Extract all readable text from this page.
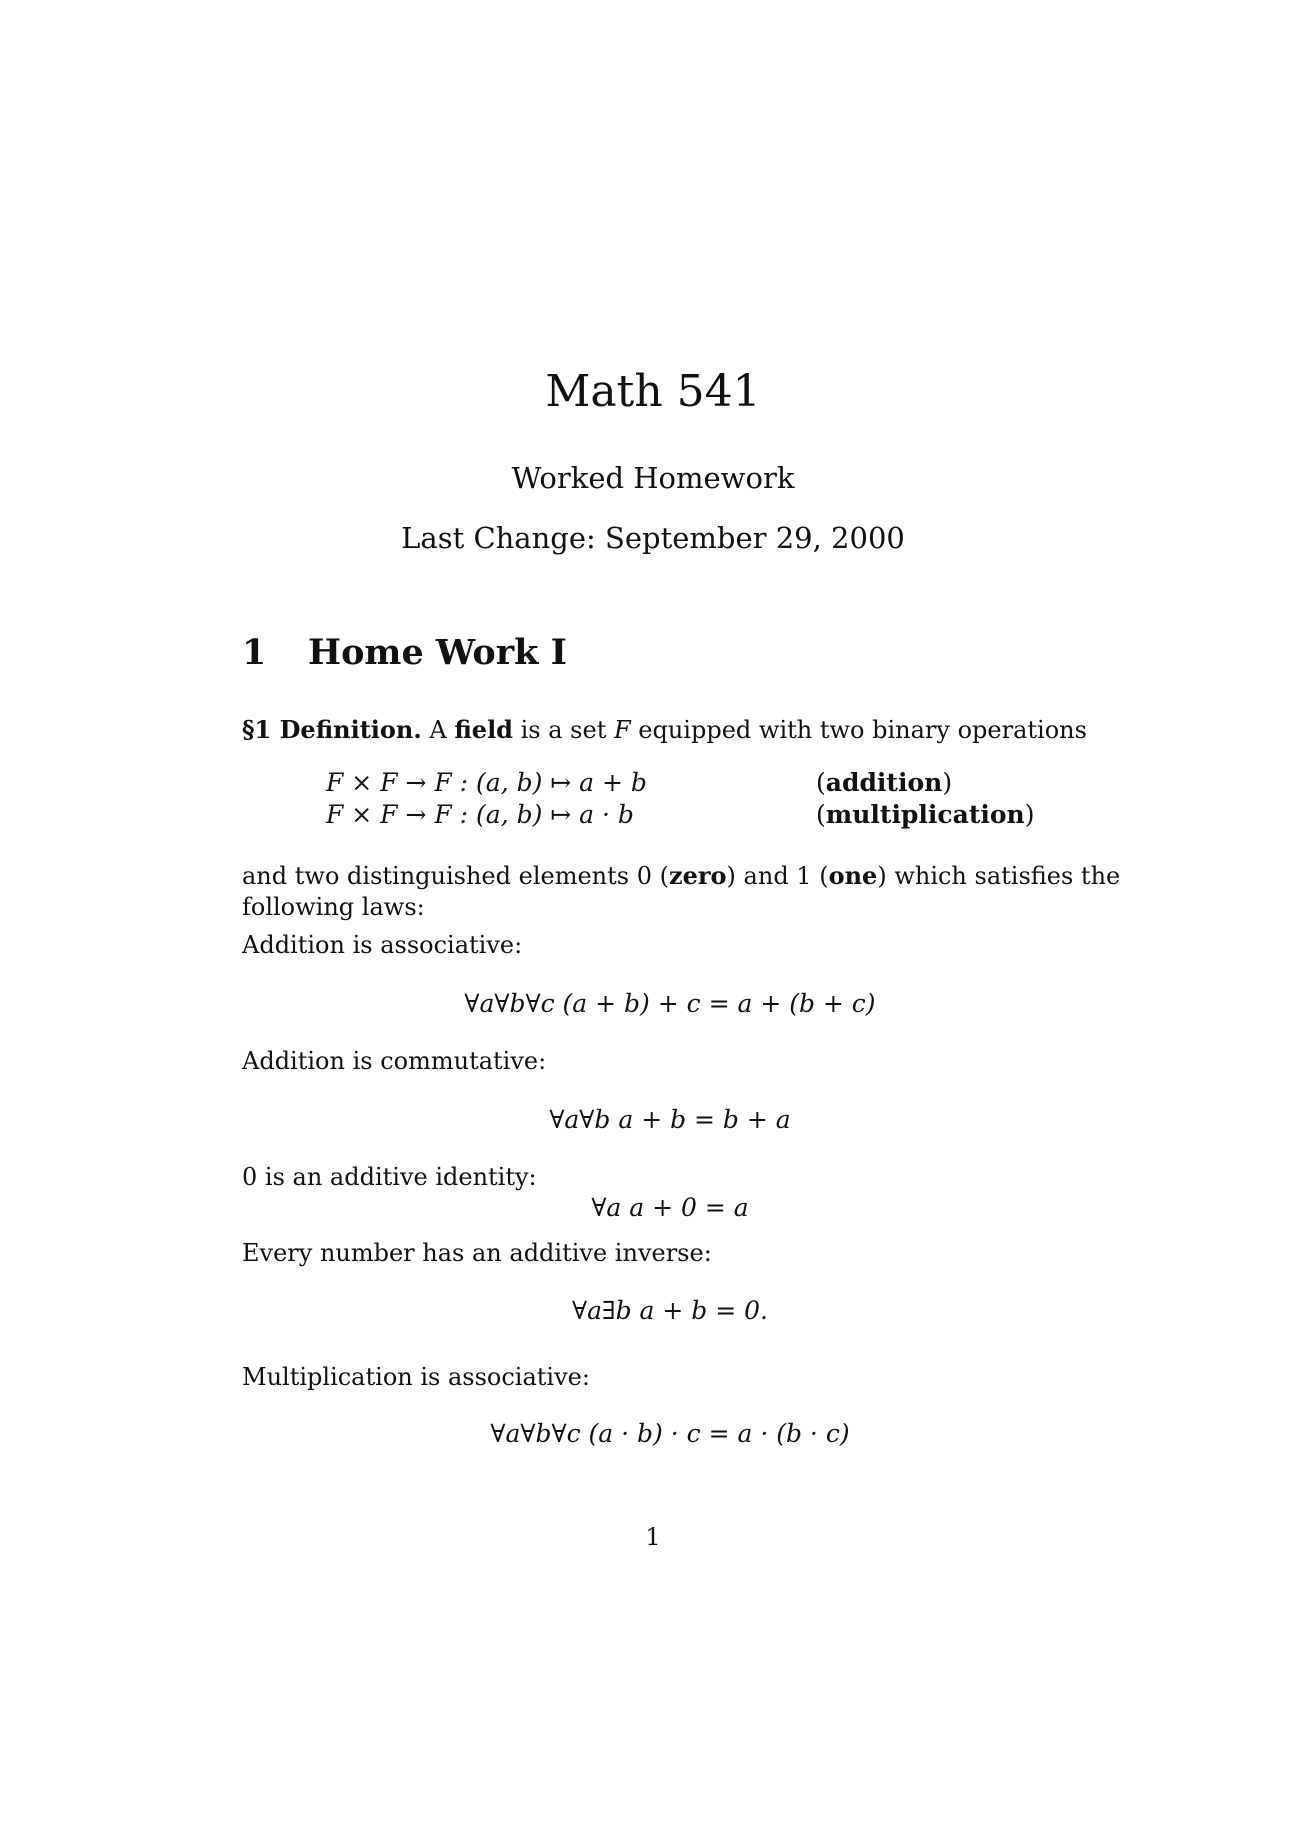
Math 541
Worked Homework
Last Change: September 29, 2000
1 Home Work I
§1 Definition. A field is a set F equipped with two binary operations
F × F → F : (a, b) ↦ a + b	(addition)
F × F → F : (a, b) ↦ a · b	(multiplication)
and two distinguished elements 0 (zero) and 1 (one) which satisfies the
following laws:
Addition is associative:
∀a∀b∀c (a + b) + c = a + (b + c)
Addition is commutative:
∀a∀b a + b = b + a
0 is an additive identity:
∀a a + 0 = a
Every number has an additive inverse:
∀a∃b a + b = 0.
Multiplication is associative:
∀a∀b∀c (a · b) · c = a · (b · c)
1
